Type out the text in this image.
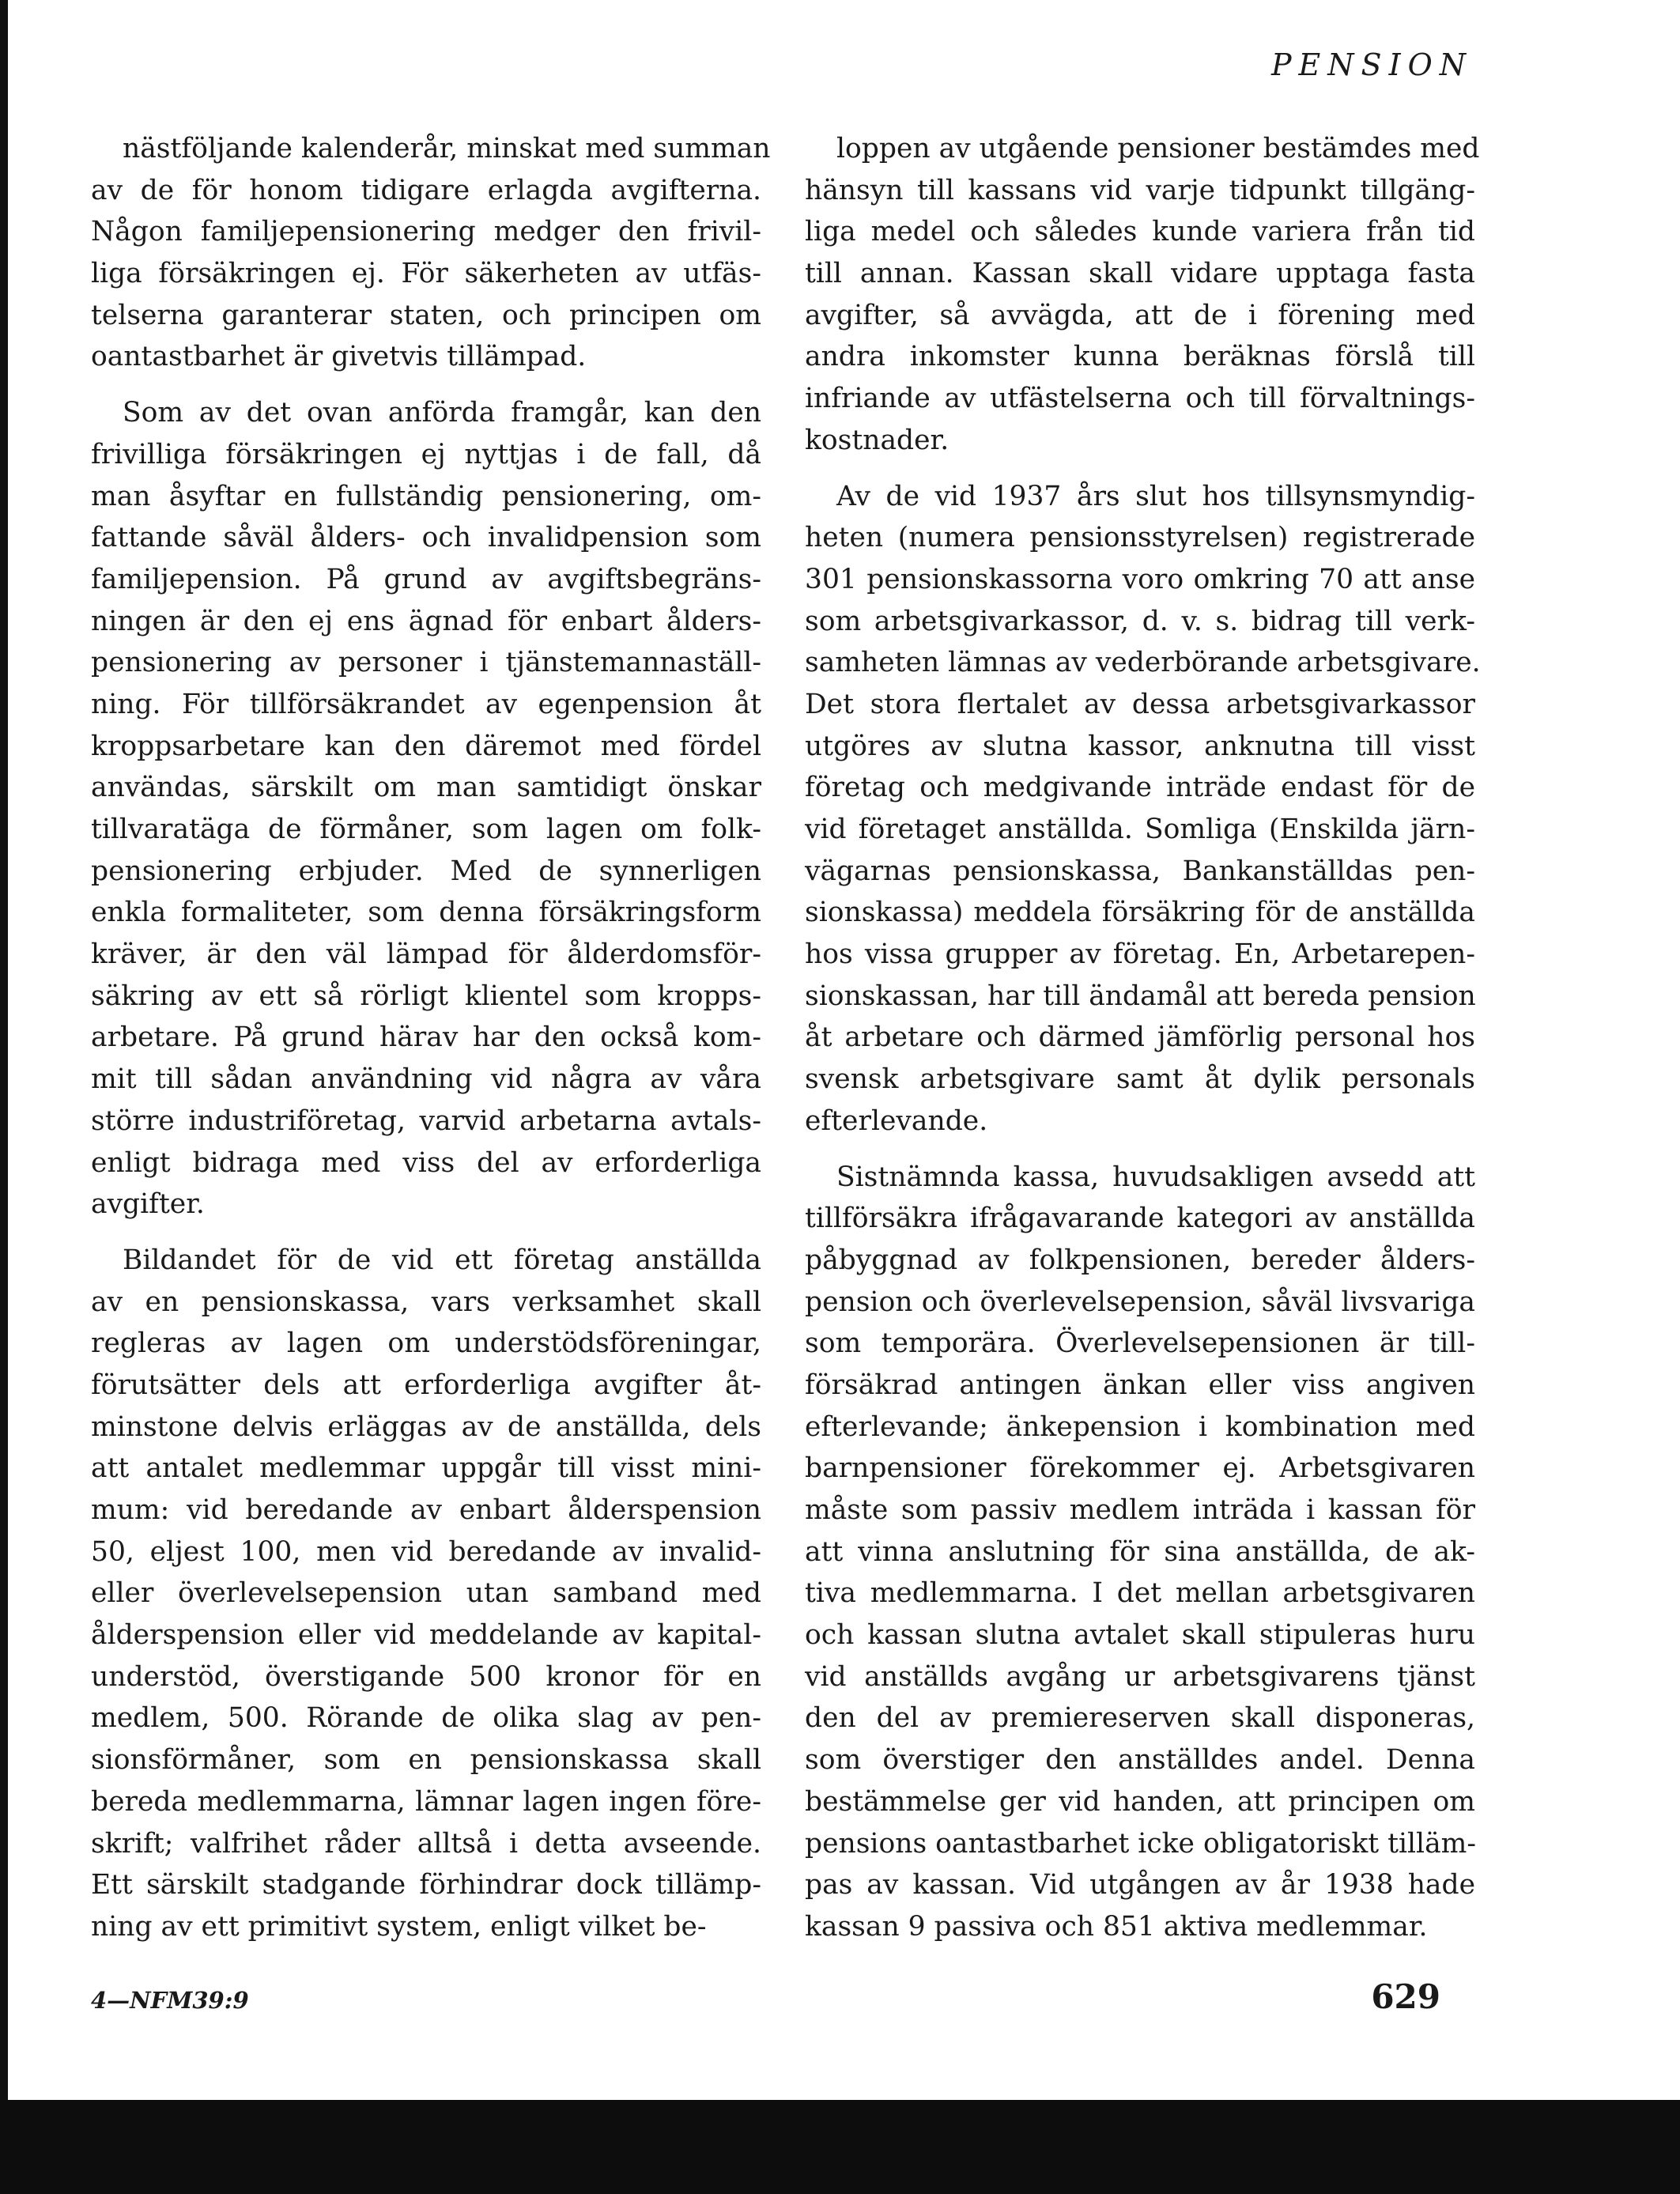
PENSION
nästföljande kalenderår, minskat med summan
av de för honom tidigare erlagda avgifterna.
Någon familjepensionering medger den frivil-
liga försäkringen ej. För säkerheten av utfäs-
telserna garanterar staten, och principen om
oantastbarhet är givetvis tillämpad.
Som av det ovan anförda framgår, kan den
frivilliga försäkringen ej nyttjas i de fall, då
man åsyftar en fullständig pensionering, om-
fattande såväl ålders- och invalidpension som
familjepension. På grund av avgiftsbegräns-
ningen är den ej ens ägnad för enbart ålders-
pensionering av personer i tjänstemannaställ-
ning. För tillförsäkrandet av egenpension åt
kroppsarbetare kan den däremot med fördel
användas, särskilt om man samtidigt önskar
tillvaratäga de förmåner, som lagen om folk-
pensionering erbjuder. Med de synnerligen
enkla formaliteter, som denna försäkringsform
kräver, är den väl lämpad för ålderdomsför-
säkring av ett så rörligt klientel som kropps-
arbetare. På grund härav har den också kom-
mit till sådan användning vid några av våra
större industriföretag, varvid arbetarna avtals-
enligt bidraga med viss del av erforderliga
avgifter.
Bildandet för de vid ett företag anställda
av en pensionskassa, vars verksamhet skall
regleras av lagen om understödsföreningar,
förutsätter dels att erforderliga avgifter åt-
minstone delvis erläggas av de anställda, dels
att antalet medlemmar uppgår till visst mini-
mum: vid beredande av enbart ålderspension
50, eljest 100, men vid beredande av invalid-
eller överlevelsepension utan samband med
ålderspension eller vid meddelande av kapital-
understöd, överstigande 500 kronor för en
medlem, 500. Rörande de olika slag av pen-
sionsförmåner, som en pensionskassa skall
bereda medlemmarna, lämnar lagen ingen före-
skrift; valfrihet råder alltså i detta avseende.
Ett särskilt stadgande förhindrar dock tillämp-
ning av ett primitivt system, enligt vilket be-
loppen av utgående pensioner bestämdes med
hänsyn till kassans vid varje tidpunkt tillgäng-
liga medel och således kunde variera från tid
till annan. Kassan skall vidare upptaga fasta
avgifter, så avvägda, att de i förening med
andra inkomster kunna beräknas förslå till
infriande av utfästelserna och till förvaltnings-
kostnader.
Av de vid 1937 års slut hos tillsynsmyndig-
heten (numera pensionsstyrelsen) registrerade
301 pensionskassorna voro omkring 70 att anse
som arbetsgivarkassor, d. v. s. bidrag till verk-
samheten lämnas av vederbörande arbetsgivare.
Det stora flertalet av dessa arbetsgivarkassor
utgöres av slutna kassor, anknutna till visst
företag och medgivande inträde endast för de
vid företaget anställda. Somliga (Enskilda järn-
vägarnas pensionskassa, Bankanställdas pen-
sionskassa) meddela försäkring för de anställda
hos vissa grupper av företag. En, Arbetarepen-
sionskassan, har till ändamål att bereda pension
åt arbetare och därmed jämförlig personal hos
svensk arbetsgivare samt åt dylik personals
efterlevande.
Sistnämnda kassa, huvudsakligen avsedd att
tillförsäkra ifrågavarande kategori av anställda
påbyggnad av folkpensionen, bereder ålders-
pension och överlevelsepension, såväl livsvariga
som temporära. Överlevelsepensionen är till-
försäkrad antingen änkan eller viss angiven
efterlevande; änkepension i kombination med
barnpensioner förekommer ej. Arbetsgivaren
måste som passiv medlem inträda i kassan för
att vinna anslutning för sina anställda, de ak-
tiva medlemmarna. I det mellan arbetsgivaren
och kassan slutna avtalet skall stipuleras huru
vid anställds avgång ur arbetsgivarens tjänst
den del av premiereserven skall disponeras,
som överstiger den anställdes andel. Denna
bestämmelse ger vid handen, att principen om
pensions oantastbarhet icke obligatoriskt tilläm-
pas av kassan. Vid utgången av år 1938 hade
kassan 9 passiva och 851 aktiva medlemmar.
4—NFM39:9	629
